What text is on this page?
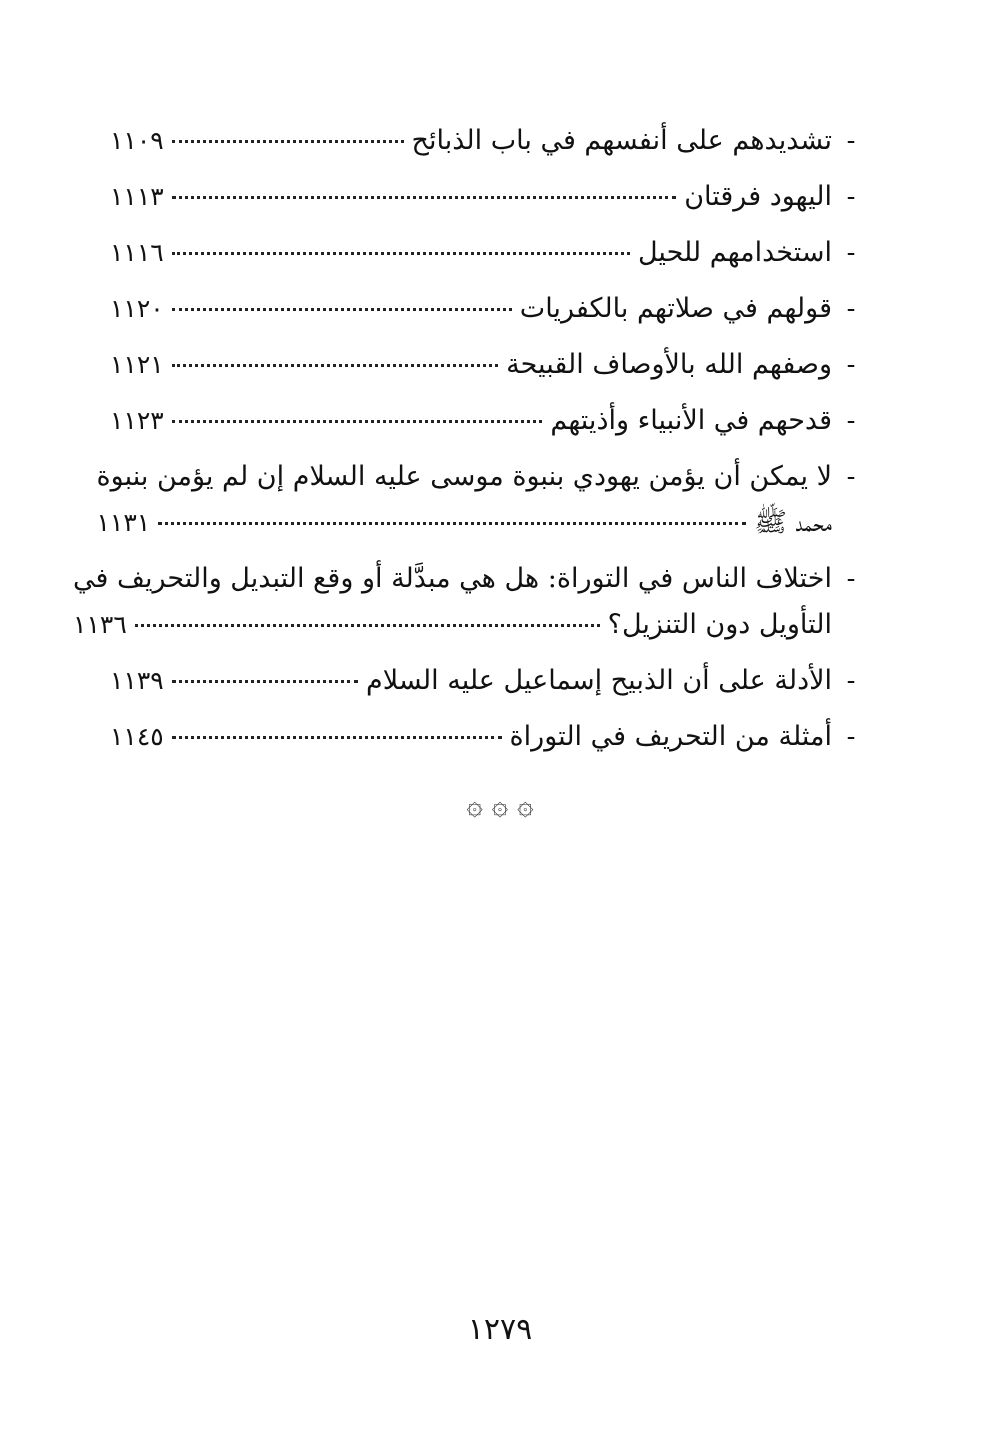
-
تشديدهم على أنفسهم في باب الذبائح
١١٠٩
-
اليهود فرقتان
١١١٣
-
استخدامهم للحيل
١١١٦
-
قولهم في صلاتهم بالكفريات
١١٢٠
-
وصفهم الله بالأوصاف القبيحة
١١٢١
-
قدحهم في الأنبياء وأذيتهم
١١٢٣
-
لا يمكن أن يؤمن يهودي بنبوة موسى عليه السلام إن لم يؤمن بنبوة
محمد ﷺ
١١٣١
-
اختلاف الناس في التوراة: هل هي مبدَّلة أو وقع التبديل والتحريف في
التأويل دون التنزيل؟
١١٣٦
-
الأدلة على أن الذبيح إسماعيل عليه السلام
١١٣٩
-
أمثلة من التحريف في التوراة
١١٤٥
۞ ۞ ۞
١٢٧٩
